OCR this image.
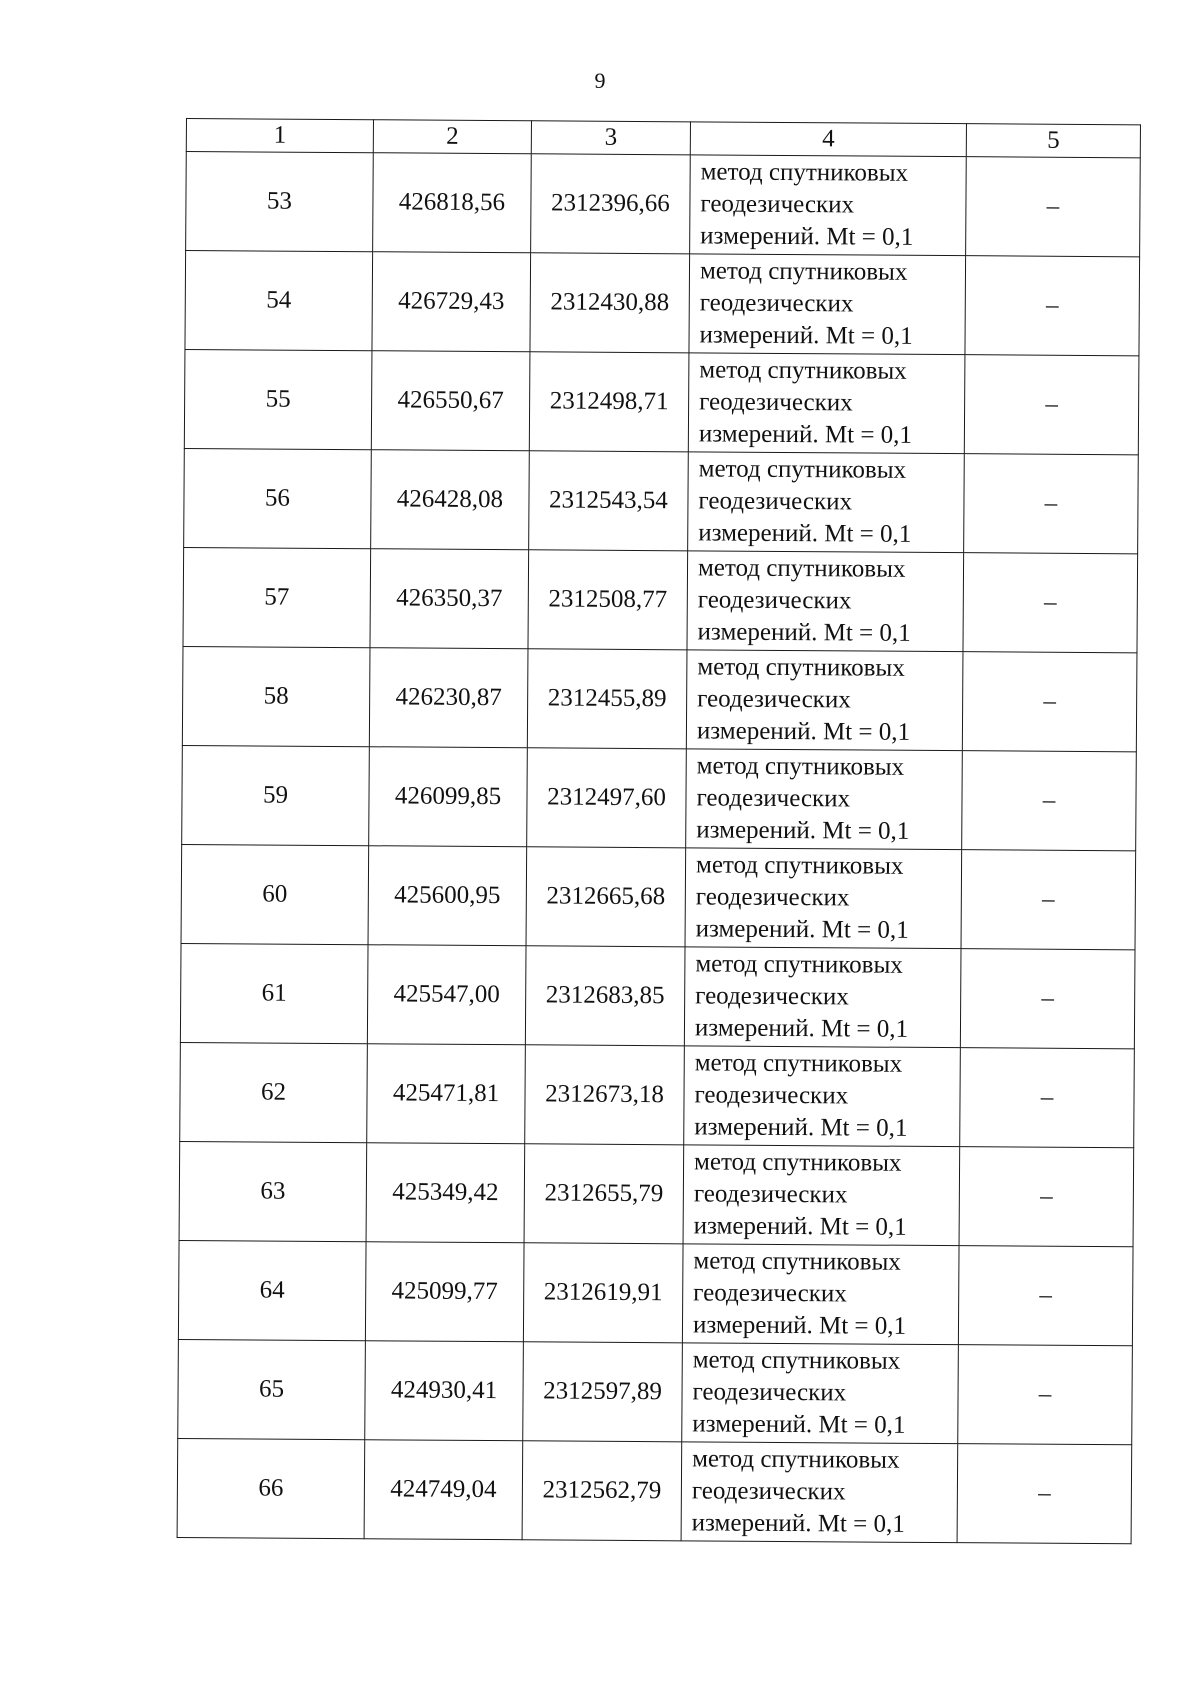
9
1	2	3	4	5
53	426818,56	2312396,66	метод спутниковых
геодезических
измерений. Mt = 0,1	–
54	426729,43	2312430,88	метод спутниковых
геодезических
измерений. Mt = 0,1	–
55	426550,67	2312498,71	метод спутниковых
геодезических
измерений. Mt = 0,1	–
56	426428,08	2312543,54	метод спутниковых
геодезических
измерений. Mt = 0,1	–
57	426350,37	2312508,77	метод спутниковых
геодезических
измерений. Mt = 0,1	–
58	426230,87	2312455,89	метод спутниковых
геодезических
измерений. Mt = 0,1	–
59	426099,85	2312497,60	метод спутниковых
геодезических
измерений. Mt = 0,1	–
60	425600,95	2312665,68	метод спутниковых
геодезических
измерений. Mt = 0,1	–
61	425547,00	2312683,85	метод спутниковых
геодезических
измерений. Mt = 0,1	–
62	425471,81	2312673,18	метод спутниковых
геодезических
измерений. Mt = 0,1	–
63	425349,42	2312655,79	метод спутниковых
геодезических
измерений. Mt = 0,1	–
64	425099,77	2312619,91	метод спутниковых
геодезических
измерений. Mt = 0,1	–
65	424930,41	2312597,89	метод спутниковых
геодезических
измерений. Mt = 0,1	–
66	424749,04	2312562,79	метод спутниковых
геодезических
измерений. Mt = 0,1	–
